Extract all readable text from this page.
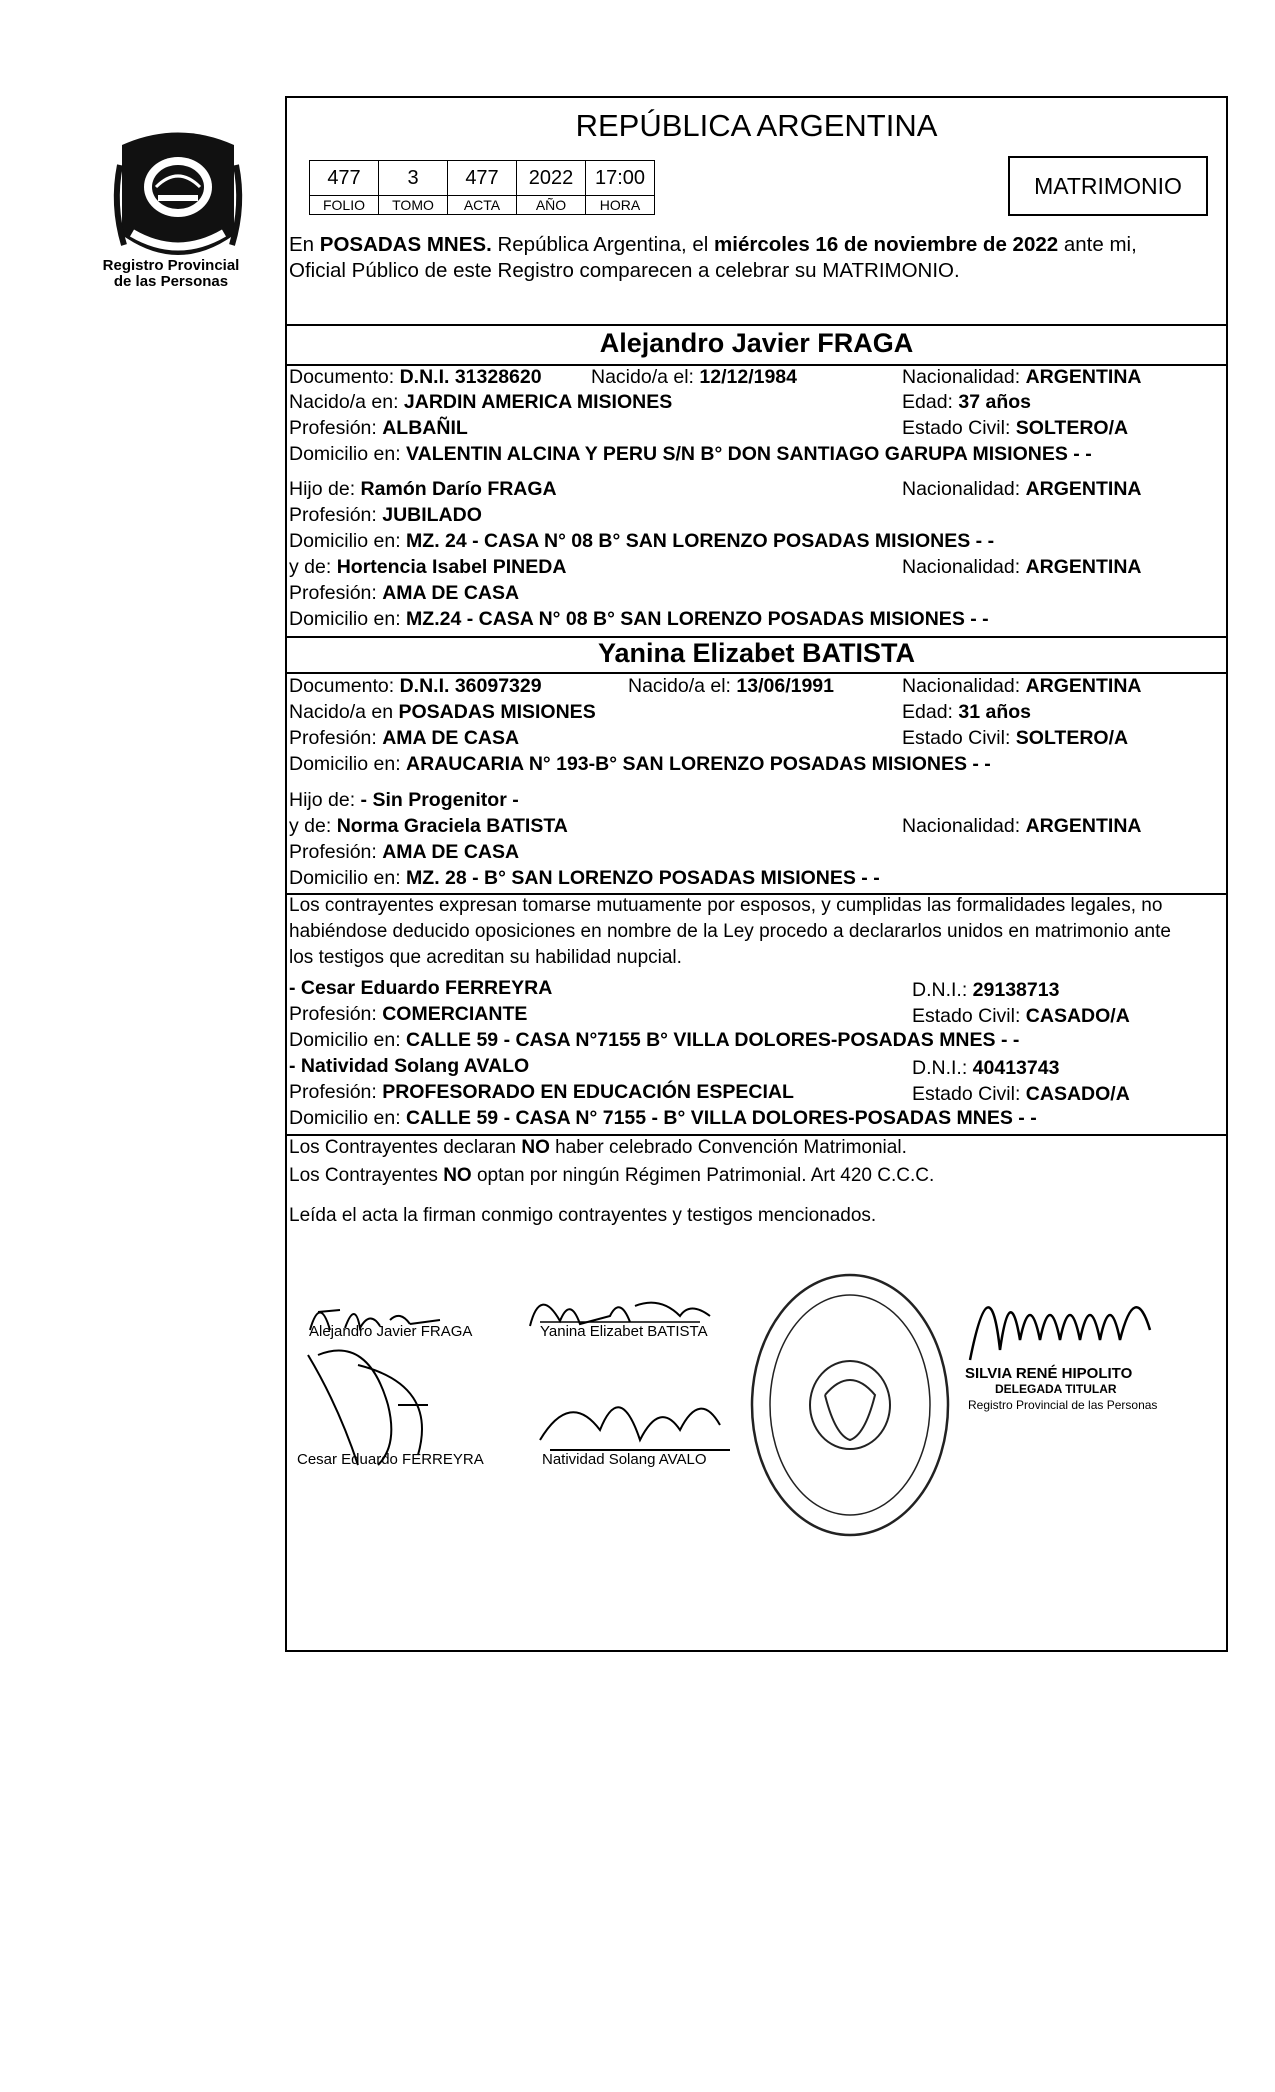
Registro Provincial
de las Personas
REPÚBLICA ARGENTINA
477	3	477	2022	17:00
FOLIO	TOMO	ACTA	AÑO	HORA
MATRIMONIO
En POSADAS MNES. República Argentina, el miércoles 16 de noviembre de 2022 ante mi,
Oficial Público de este Registro comparecen a celebrar su MATRIMONIO.
Alejandro Javier FRAGA
Documento: D.N.I. 31328620	Nacido/a el: 12/12/1984	Nacionalidad: ARGENTINA
Nacido/a en: JARDIN AMERICA MISIONES	Edad: 37 años
Profesión: ALBAÑIL	Estado Civil: SOLTERO/A
Domicilio en: VALENTIN ALCINA Y PERU S/N B° DON SANTIAGO GARUPA MISIONES - -
Hijo de: Ramón Darío FRAGA	Nacionalidad: ARGENTINA
Profesión: JUBILADO
Domicilio en: MZ. 24 - CASA N° 08 B° SAN LORENZO POSADAS MISIONES - -
y de: Hortencia Isabel PINEDA	Nacionalidad: ARGENTINA
Profesión: AMA DE CASA
Domicilio en: MZ.24 - CASA N° 08 B° SAN LORENZO POSADAS MISIONES - -
Yanina Elizabet BATISTA
Documento: D.N.I. 36097329	Nacido/a el: 13/06/1991	Nacionalidad: ARGENTINA
Nacido/a en POSADAS MISIONES	Edad: 31 años
Profesión: AMA DE CASA	Estado Civil: SOLTERO/A
Domicilio en: ARAUCARIA N° 193-B° SAN LORENZO POSADAS MISIONES - -
Hijo de: - Sin Progenitor -
y de: Norma Graciela BATISTA	Nacionalidad: ARGENTINA
Profesión: AMA DE CASA
Domicilio en: MZ. 28 - B° SAN LORENZO POSADAS MISIONES - -
Los contrayentes expresan tomarse mutuamente por esposos, y cumplidas las formalidades legales, no
habiéndose deducido oposiciones en nombre de la Ley procedo a declararlos unidos en matrimonio ante
los testigos que acreditan su habilidad nupcial.
- Cesar Eduardo FERREYRA	D.N.I.: 29138713
Profesión: COMERCIANTE	Estado Civil: CASADO/A
Domicilio en: CALLE 59 - CASA N°7155 B° VILLA DOLORES-POSADAS MNES - -
- Natividad Solang AVALO	D.N.I.: 40413743
Profesión: PROFESORADO EN EDUCACIÓN ESPECIAL	Estado Civil: CASADO/A
Domicilio en: CALLE 59 - CASA N° 7155 - B° VILLA DOLORES-POSADAS MNES - -
Los Contrayentes declaran NO haber celebrado Convención Matrimonial.
Los Contrayentes NO optan por ningún Régimen Patrimonial. Art 420 C.C.C.
Leída el acta la firman conmigo contrayentes y testigos mencionados.
Alejandro Javier FRAGA	Yanina Elizabet BATISTA
Cesar Eduardo FERREYRA	Natividad Solang AVALO
SILVIA RENÉ HIPOLITO
DELEGADA TITULAR
Registro Provincial de las Personas
